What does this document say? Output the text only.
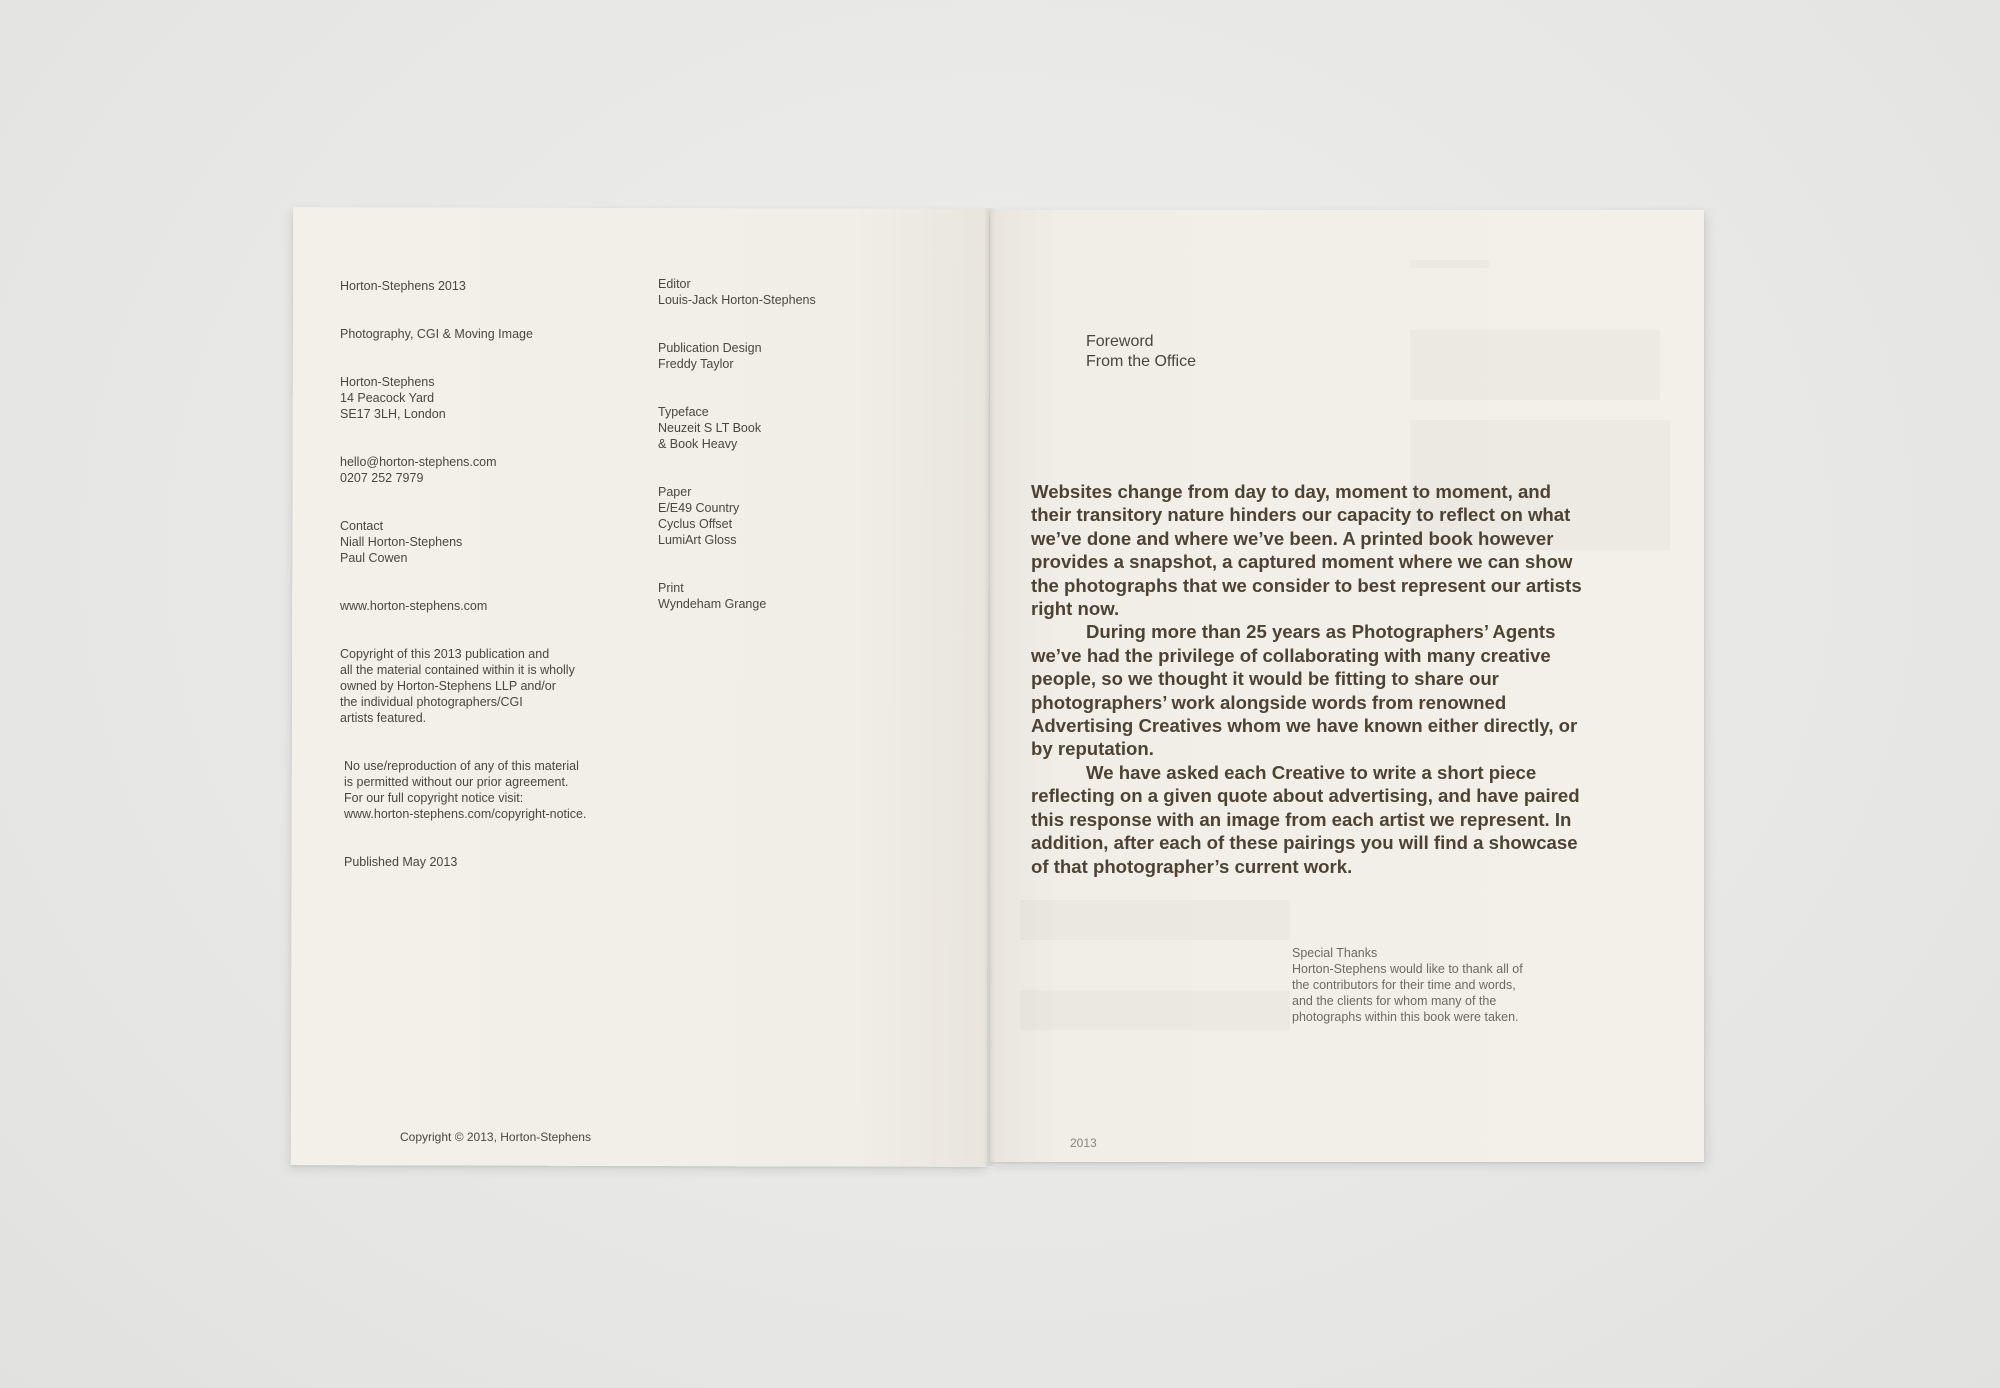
Horton-Stephens 2013

Photography, CGI & Moving Image

Horton-Stephens
14 Peacock Yard
SE17 3LH, London

hello@horton-stephens.com
0207 252 7979

Contact
Niall Horton-Stephens
Paul Cowen

www.horton-stephens.com

Copyright of this 2013 publication and
all the material contained within it is wholly
owned by Horton-Stephens LLP and/or
the individual photographers/CGI
artists featured.

No use/reproduction of any of this material
is permitted without our prior agreement.
For our full copyright notice visit:
www.horton-stephens.com/copyright-notice.

Published May 2013

Editor
Louis-Jack Horton-Stephens

Publication Design
Freddy Taylor

Typeface
Neuzeit S LT Book
& Book Heavy

Paper
E/E49 Country
Cyclus Offset
LumiArt Gloss

Print
Wyndeham Grange

Copyright © 2013, Horton-Stephens
Foreword
From the Office

Websites change from day to day, moment to moment, and their transitory nature hinders our capacity to reflect on what we’ve done and where we’ve been. A printed book however provides a snapshot, a captured moment where we can show the photographs that we consider to best represent our artists right now.

During more than 25 years as Photographers’ Agents we’ve had the privilege of collaborating with many creative people, so we thought it would be fitting to share our photographers’ work alongside words from renowned Advertising Creatives whom we have known either directly, or by reputation.

We have asked each Creative to write a short piece reflecting on a given quote about advertising, and have paired this response with an image from each artist we represent. In addition, after each of these pairings you will find a showcase of that photographer’s current work.

Special Thanks
Horton-Stephens would like to thank all of
the contributors for their time and words,
and the clients for whom many of the
photographs within this book were taken.
2013
